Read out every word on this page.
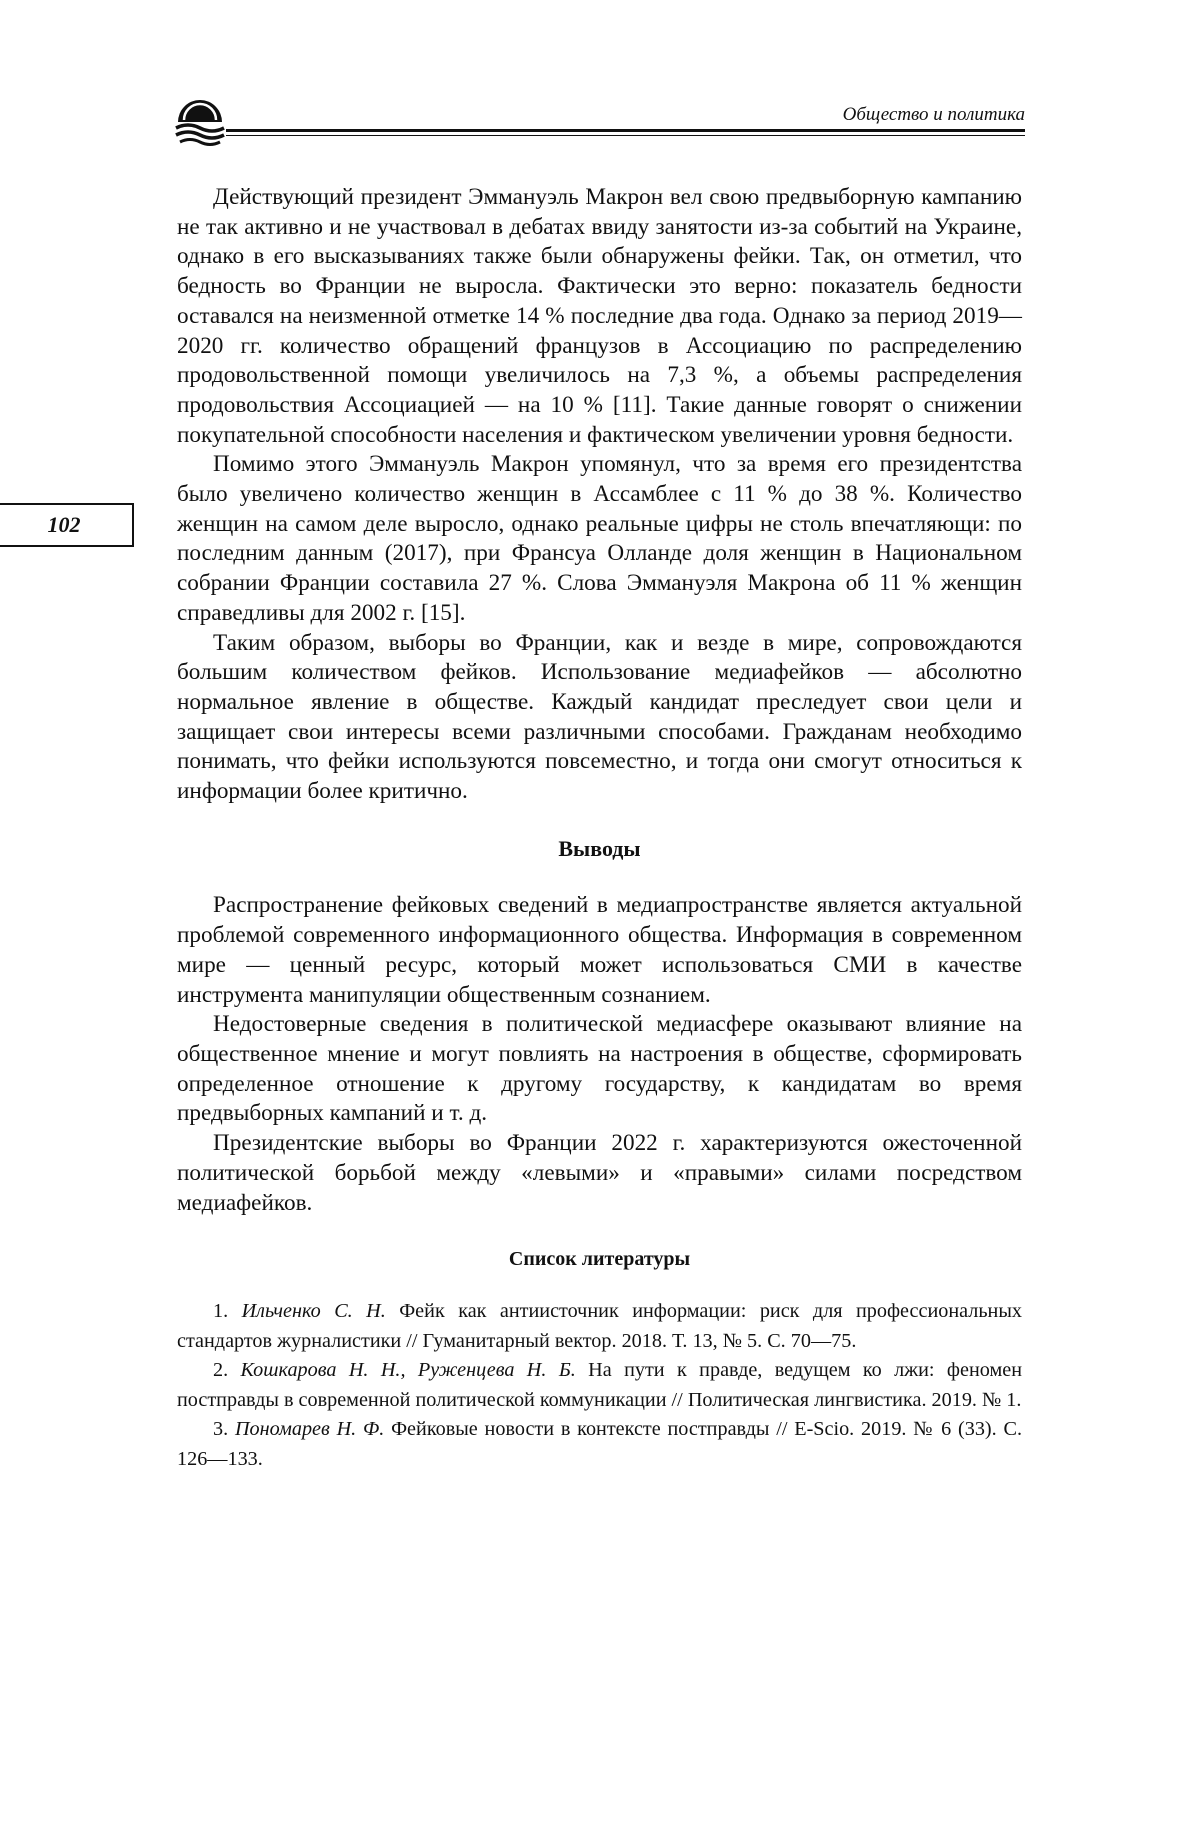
Общество и политика
102

Действующий президент Эммануэль Макрон вел свою предвыборную кампанию не так активно и не участвовал в дебатах ввиду занятости из-за событий на Украине, однако в его высказываниях также были обнаружены фейки. Так, он отметил, что бедность во Франции не выросла. Фактически это верно: показатель бедности оставался на неизменной отметке 14 % последние два года. Однако за период 2019—2020 гг. количество обращений французов в Ассоциацию по распределению продовольственной помощи увеличилось на 7,3 %, а объемы распределения продовольствия Ассоциацией — на 10 % [11]. Такие данные говорят о снижении покупательной способности населения и фактическом увеличении уровня бедности.

Помимо этого Эммануэль Макрон упомянул, что за время его президентства было увеличено количество женщин в Ассамблее с 11 % до 38 %. Количество женщин на самом деле выросло, однако реальные цифры не столь впечатляющи: по последним данным (2017), при Франсуа Олланде доля женщин в Национальном собрании Франции составила 27 %. Слова Эммануэля Макрона об 11 % женщин справедливы для 2002 г. [15].

Таким образом, выборы во Франции, как и везде в мире, сопровождаются большим количеством фейков. Использование медиафейков — абсолютно нормальное явление в обществе. Каждый кандидат преследует свои цели и защищает свои интересы всеми различными способами. Гражданам необходимо понимать, что фейки используются повсеместно, и тогда они смогут относиться к информации более критично.

Выводы

Распространение фейковых сведений в медиапространстве является актуальной проблемой современного информационного общества. Информация в современном мире — ценный ресурс, который может использоваться СМИ в качестве инструмента манипуляции общественным сознанием.

Недостоверные сведения в политической медиасфере оказывают влияние на общественное мнение и могут повлиять на настроения в обществе, сформировать определенное отношение к другому государству, к кандидатам во время предвыборных кампаний и т. д.

Президентские выборы во Франции 2022 г. характеризуются ожесточенной политической борьбой между «левыми» и «правыми» силами посредством медиафейков.

Список литературы

1. Ильченко С. Н. Фейк как антиисточник информации: риск для профессиональных стандартов журналистики // Гуманитарный вектор. 2018. Т. 13, № 5. С. 70—75.

2. Кошкарова Н. Н., Руженцева Н. Б. На пути к правде, ведущем ко лжи: феномен постправды в современной политической коммуникации // Политическая лингвистика. 2019. № 1.

3. Пономарев Н. Ф. Фейковые новости в контексте постправды // E-Scio. 2019. № 6 (33). С. 126—133.
